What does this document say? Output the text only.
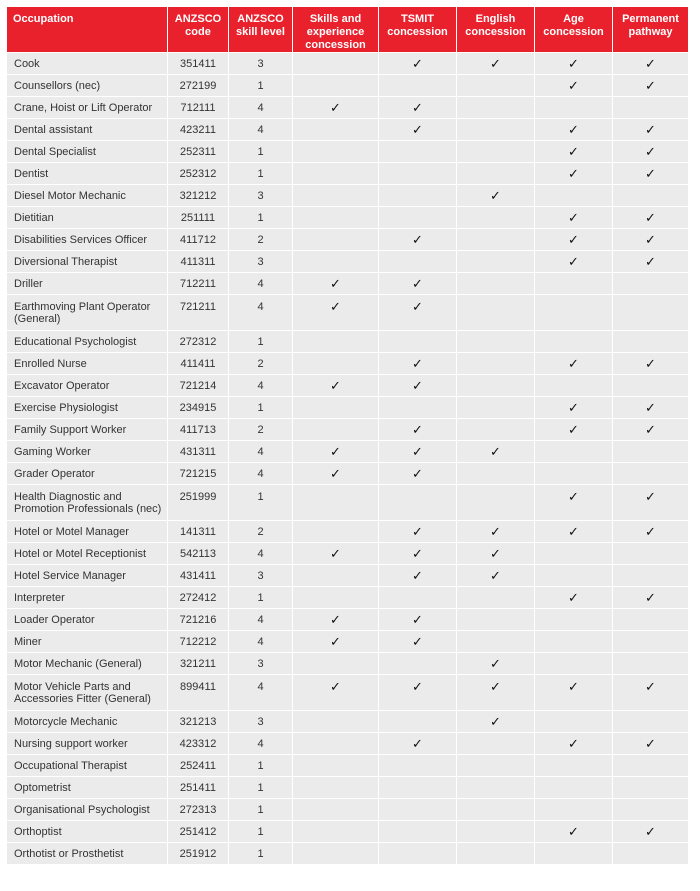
Occupation	ANZSCO code	ANZSCO skill level	Skills and experience concession	TSMIT concession	English concession	Age concession	Permanent pathway
Cook	351411	3		✓	✓	✓	✓
Counsellors (nec)	272199	1				✓	✓
Crane, Hoist or Lift Operator	712111	4	✓	✓			
Dental assistant	423211	4		✓		✓	✓
Dental Specialist	252311	1				✓	✓
Dentist	252312	1				✓	✓
Diesel Motor Mechanic	321212	3			✓		
Dietitian	251111	1				✓	✓
Disabilities Services Officer	411712	2		✓		✓	✓
Diversional Therapist	411311	3				✓	✓
Driller	712211	4	✓	✓			
Earthmoving Plant Operator (General)	721211	4	✓	✓			
Educational Psychologist	272312	1					
Enrolled Nurse	411411	2		✓		✓	✓
Excavator Operator	721214	4	✓	✓			
Exercise Physiologist	234915	1				✓	✓
Family Support Worker	411713	2		✓		✓	✓
Gaming Worker	431311	4	✓	✓	✓		
Grader Operator	721215	4	✓	✓			
Health Diagnostic and Promotion Professionals (nec)	251999	1				✓	✓
Hotel or Motel Manager	141311	2		✓	✓	✓	✓
Hotel or Motel Receptionist	542113	4	✓	✓	✓		
Hotel Service Manager	431411	3		✓	✓		
Interpreter	272412	1				✓	✓
Loader Operator	721216	4	✓	✓			
Miner	712212	4	✓	✓			
Motor Mechanic (General)	321211	3			✓		
Motor Vehicle Parts and Accessories Fitter (General)	899411	4	✓	✓	✓	✓	✓
Motorcycle Mechanic	321213	3			✓		
Nursing support worker	423312	4		✓		✓	✓
Occupational Therapist	252411	1					
Optometrist	251411	1					
Organisational Psychologist	272313	1					
Orthoptist	251412	1				✓	✓
Orthotist or Prosthetist	251912	1					
